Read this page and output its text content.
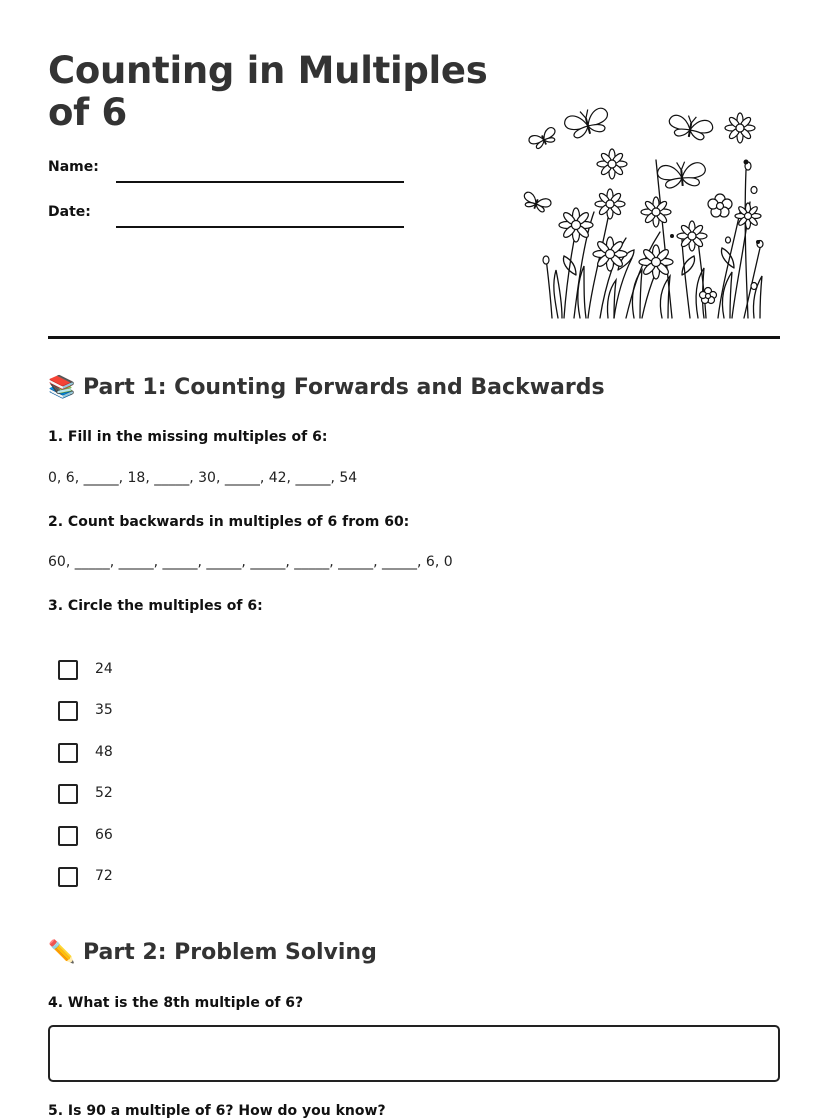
Counting in Multiples of 6
Name:
Date:
📚 Part 1: Counting Forwards and Backwards
1. Fill in the missing multiples of 6:
0, 6, _____, 18, _____, 30, _____, 42, _____, 54
2. Count backwards in multiples of 6 from 60:
60, _____, _____, _____, _____, _____, _____, _____, _____, 6, 0
3. Circle the multiples of 6:
24
35
48
52
66
72
✏️ Part 2: Problem Solving
4. What is the 8th multiple of 6?
5. Is 90 a multiple of 6? How do you know?
